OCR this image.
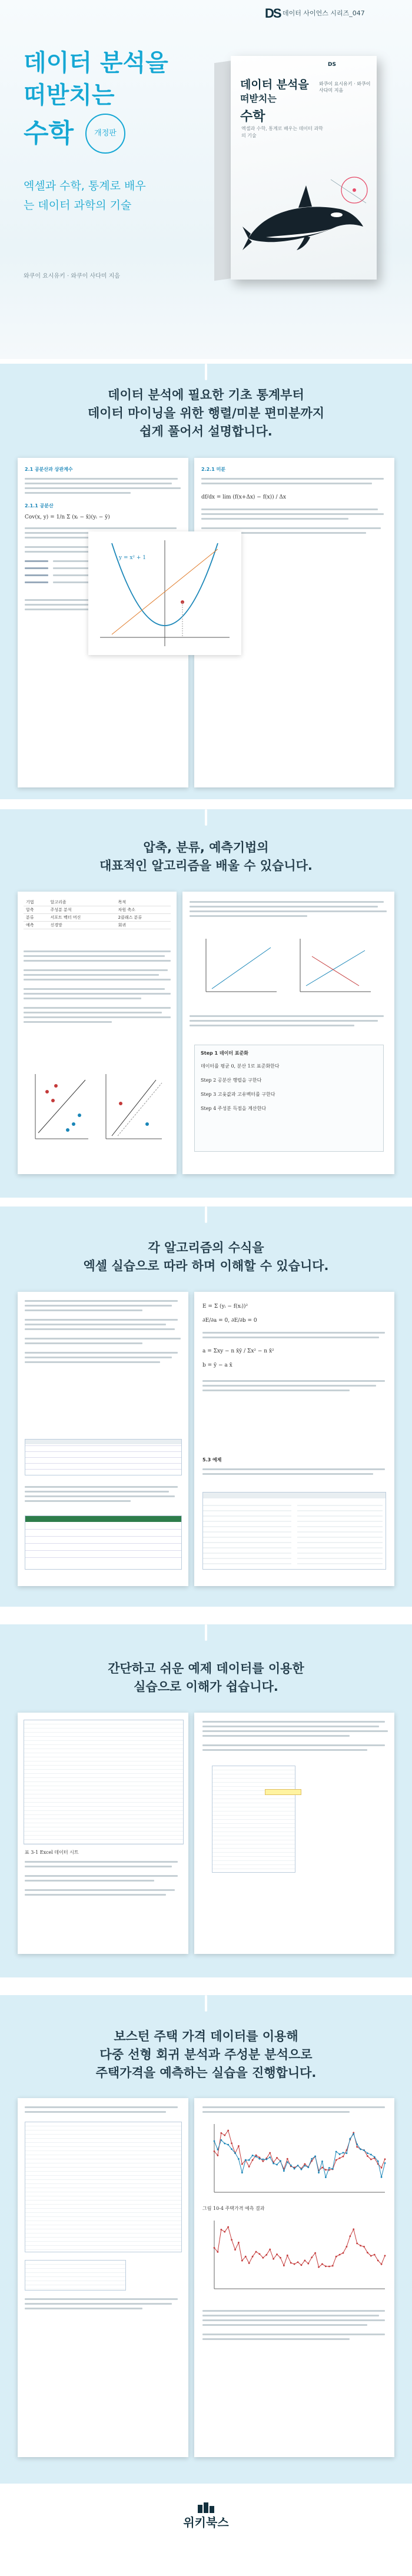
DS 데이터 사이언스 시리즈_047
데이터 분석을
떠받치는
수학	개정판
엑셀과 수학, 통계로 배우는 데이터 과학의 기술
와쿠이 요시유키 · 와쿠이 사다미 지음
DS
데이터 분석을
떠받치는
수학
와쿠이 요시유키 · 와쿠이 사다미 지음
엑셀과 수학, 통계로 배우는 데이터 과학의 기술
데이터 분석에 필요한 기초 통계부터
데이터 마이닝을 위한 행렬/미분 편미분까지
쉽게 풀어서 설명합니다.
2.1 공분산과 상관계수
2.1.1 공분산
Cov(x, y) = 1/n Σ (xᵢ − x̄)(yᵢ − ȳ)
2.2.1 미분
df/dx = lim (f(x+Δx) − f(x)) / Δx
y = x² + 1
압축, 분류, 예측기법의
대표적인 알고리즘을 배울 수 있습니다.
기법	알고리즘	목적
압축	주성분 분석	차원 축소
분류	서포트 벡터 머신	2클래스 분류
예측	신경망	회귀
Step 1 데이터 표준화
데이터를 평균 0, 분산 1로 표준화한다
Step 2 공분산 행렬을 구한다
Step 3 고윳값과 고유벡터를 구한다
Step 4 주성분 득점을 계산한다
각 알고리즘의 수식을
엑셀 실습으로 따라 하며 이해할 수 있습니다.
E = Σ (yᵢ − f(xᵢ))²
∂E/∂a = 0, ∂E/∂b = 0
a = Σxy − n x̄ȳ / Σx² − n x̄²
b = ȳ − a x̄
5.3 예제
간단하고 쉬운 예제 데이터를 이용한
실습으로 이해가 쉽습니다.
표 3-1 Excel 데이터 시트
보스턴 주택 가격 데이터를 이용해
다중 선형 회귀 분석과 주성분 분석으로
주택가격을 예측하는 실습을 진행합니다.
그림 10-4 주택가격 예측 결과
위키북스
